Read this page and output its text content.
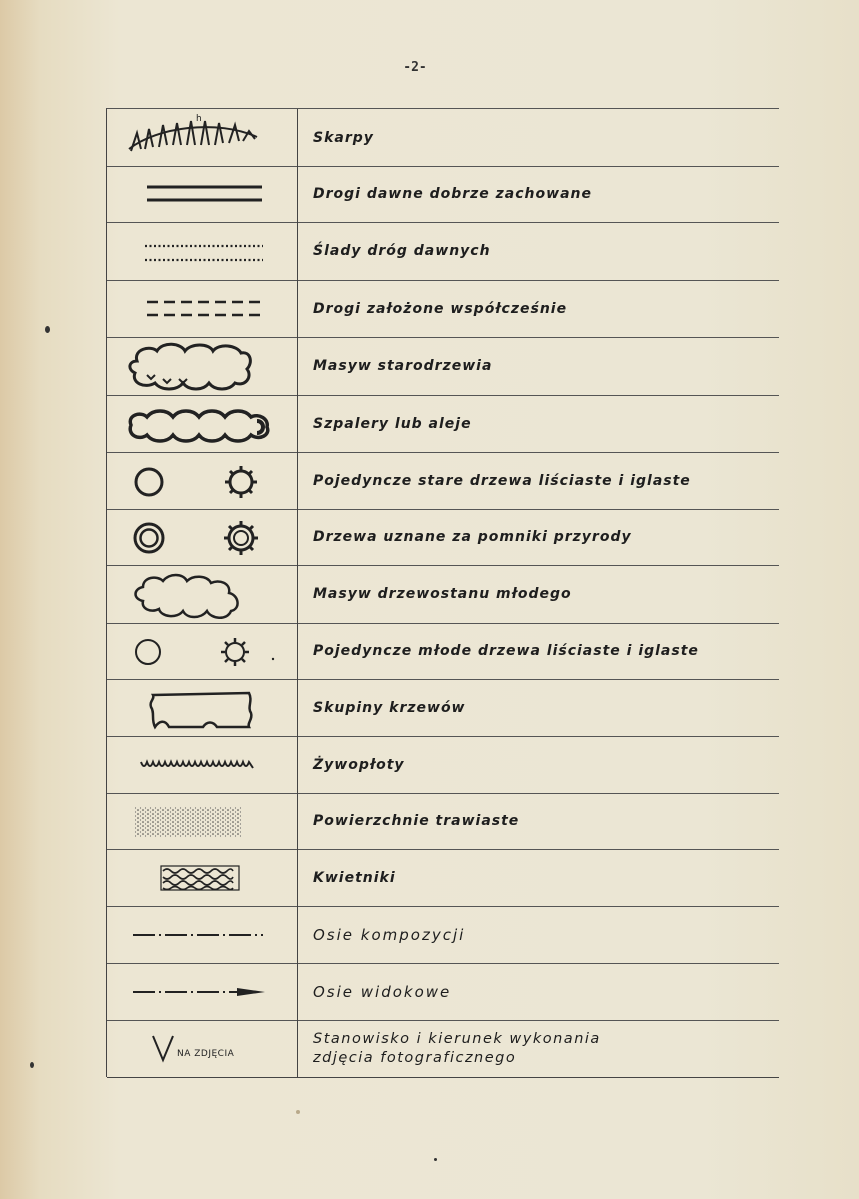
-2-
h
Skarpy
Drogi dawne dobrze zachowane
Ślady dróg dawnych
Drogi założone współcześnie
Masyw starodrzewia
Szpalery lub aleje
Pojedyncze stare drzewa liściaste i iglaste
Drzewa uznane za pomniki przyrody
Masyw drzewostanu młodego
Pojedyncze młode drzewa liściaste i iglaste
Skupiny krzewów
Żywopłoty
Powierzchnie trawiaste
Kwietniki
Osie kompozycji
Osie widokowe
NA ZDJĘCIA
Stanowisko i kierunek wykonania
zdjęcia fotograficznego
